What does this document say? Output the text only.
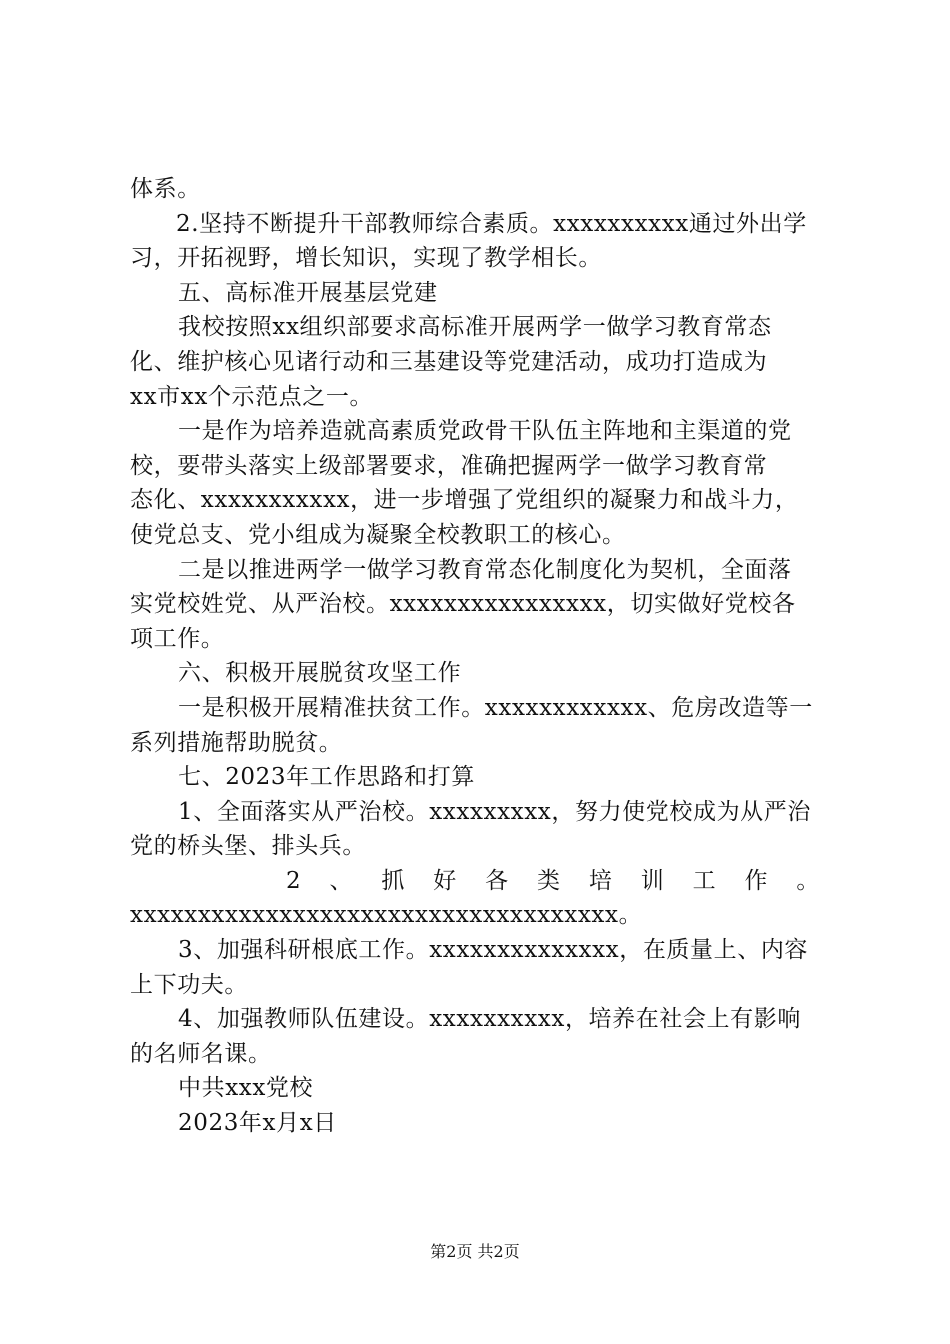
体系。
2.坚持不断提升干部教师综合素质。xxxxxxxxxx通过外出学
习，开拓视野，增长知识，实现了教学相长。
五、高标准开展基层党建
我校按照xx组织部要求高标准开展两学一做学习教育常态
化、维护核心见诸行动和三基建设等党建活动，成功打造成为
xx市xx个示范点之一。
一是作为培养造就高素质党政骨干队伍主阵地和主渠道的党
校，要带头落实上级部署要求，准确把握两学一做学习教育常
态化、xxxxxxxxxxx，进一步增强了党组织的凝聚力和战斗力，
使党总支、党小组成为凝聚全校教职工的核心。
二是以推进两学一做学习教育常态化制度化为契机，全面落
实党校姓党、从严治校。xxxxxxxxxxxxxxxx，切实做好党校各
项工作。
六、积极开展脱贫攻坚工作
一是积极开展精准扶贫工作。xxxxxxxxxxxx、危房改造等一
系列措施帮助脱贫。
七、2023年工作思路和打算
1、全面落实从严治校。xxxxxxxxx，努力使党校成为从严治
党的桥头堡、排头兵。
2 、 抓 好 各 类 培 训 工 作 。
xxxxxxxxxxxxxxxxxxxxxxxxxxxxxxxxxxxx。
3、加强科研根底工作。xxxxxxxxxxxxxx，在质量上、内容
上下功夫。
4、加强教师队伍建设。xxxxxxxxxx，培养在社会上有影响
的名师名课。
中共xxx党校
2023年x月x日
第2页 共2页
